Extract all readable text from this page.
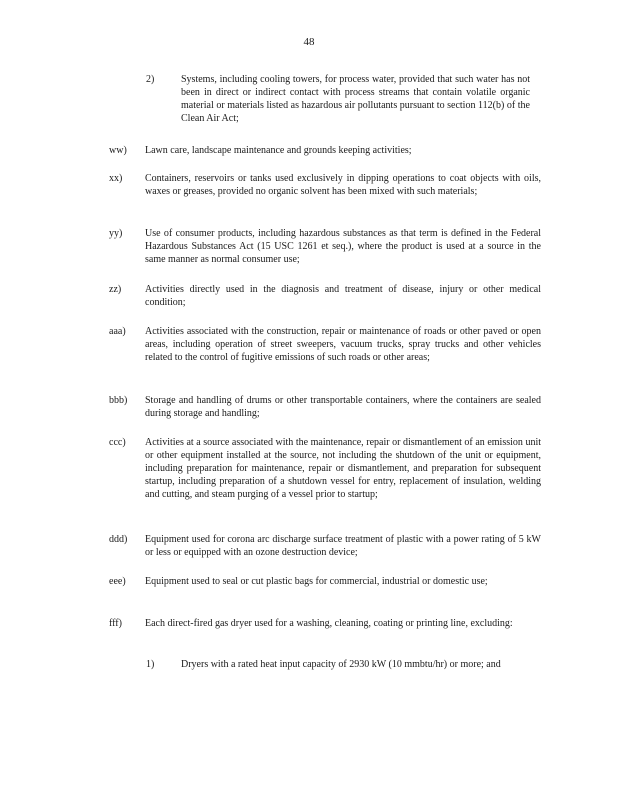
48
2)	Systems, including cooling towers, for process water, provided that such water has not been in direct or indirect contact with process streams that contain volatile organic material or materials listed as hazardous air pollutants pursuant to section 112(b) of the Clean Air Act;
ww) Lawn care, landscape maintenance and grounds keeping activities;
xx) Containers, reservoirs or tanks used exclusively in dipping operations to coat objects with oils, waxes or greases, provided no organic solvent has been mixed with such materials;
yy) Use of consumer products, including hazardous substances as that term is defined in the Federal Hazardous Substances Act (15 USC 1261 et seq.), where the product is used at a source in the same manner as normal consumer use;
zz) Activities directly used in the diagnosis and treatment of disease, injury or other medical condition;
aaa) Activities associated with the construction, repair or maintenance of roads or other paved or open areas, including operation of street sweepers, vacuum trucks, spray trucks and other vehicles related to the control of fugitive emissions of such roads or other areas;
bbb) Storage and handling of drums or other transportable containers, where the containers are sealed during storage and handling;
ccc) Activities at a source associated with the maintenance, repair or dismantlement of an emission unit or other equipment installed at the source, not including the shutdown of the unit or equipment, including preparation for maintenance, repair or dismantlement, and preparation for subsequent startup, including preparation of a shutdown vessel for entry, replacement of insulation, welding and cutting, and steam purging of a vessel prior to startup;
ddd) Equipment used for corona arc discharge surface treatment of plastic with a power rating of 5 kW or less or equipped with an ozone destruction device;
eee) Equipment used to seal or cut plastic bags for commercial, industrial or domestic use;
fff) Each direct-fired gas dryer used for a washing, cleaning, coating or printing line, excluding:
1)	Dryers with a rated heat input capacity of 2930 kW (10 mmbtu/hr) or more; and
